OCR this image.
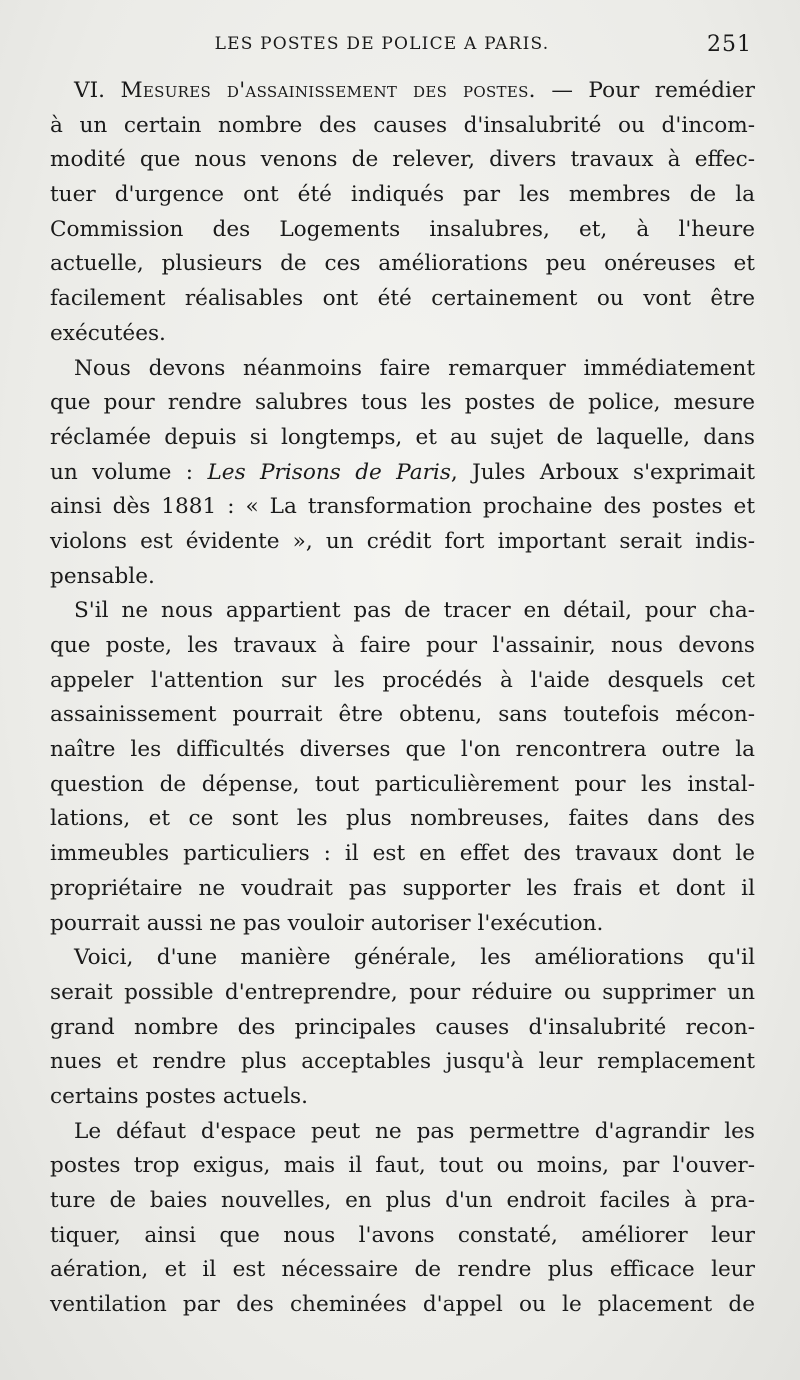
LES POSTES DE POLICE A PARIS.	251
VI. Mesures d'assainissement des postes. — Pour remédier
à un certain nombre des causes d'insalubrité ou d'incom-
modité que nous venons de relever, divers travaux à effec-
tuer d'urgence ont été indiqués par les membres de la
Commission des Logements insalubres, et, à l'heure
actuelle, plusieurs de ces améliorations peu onéreuses et
facilement réalisables ont été certainement ou vont être
exécutées.
Nous devons néanmoins faire remarquer immédiatement
que pour rendre salubres tous les postes de police, mesure
réclamée depuis si longtemps, et au sujet de laquelle, dans
un volume : Les Prisons de Paris, Jules Arboux s'exprimait
ainsi dès 1881 : « La transformation prochaine des postes et
violons est évidente », un crédit fort important serait indis-
pensable.
S'il ne nous appartient pas de tracer en détail, pour cha-
que poste, les travaux à faire pour l'assainir, nous devons
appeler l'attention sur les procédés à l'aide desquels cet
assainissement pourrait être obtenu, sans toutefois mécon-
naître les difficultés diverses que l'on rencontrera outre la
question de dépense, tout particulièrement pour les instal-
lations, et ce sont les plus nombreuses, faites dans des
immeubles particuliers : il est en effet des travaux dont le
propriétaire ne voudrait pas supporter les frais et dont il
pourrait aussi ne pas vouloir autoriser l'exécution.
Voici, d'une manière générale, les améliorations qu'il
serait possible d'entreprendre, pour réduire ou supprimer un
grand nombre des principales causes d'insalubrité recon-
nues et rendre plus acceptables jusqu'à leur remplacement
certains postes actuels.
Le défaut d'espace peut ne pas permettre d'agrandir les
postes trop exigus, mais il faut, tout ou moins, par l'ouver-
ture de baies nouvelles, en plus d'un endroit faciles à pra-
tiquer, ainsi que nous l'avons constaté, améliorer leur
aération, et il est nécessaire de rendre plus efficace leur
ventilation par des cheminées d'appel ou le placement de
